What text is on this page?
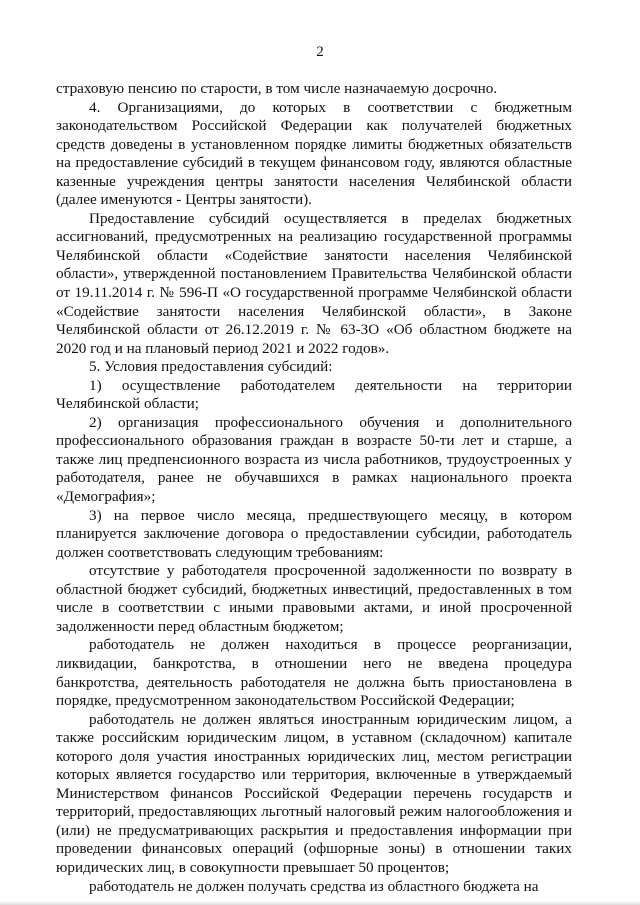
2

страховую пенсию по старости, в том числе назначаемую досрочно.

4. Организациями, до которых в соответствии с бюджетным законодательством Российской Федерации как получателей бюджетных средств доведены в установленном порядке лимиты бюджетных обязательств на предоставление субсидий в текущем финансовом году, являются областные казенные учреждения центры занятости населения Челябинской области (далее именуются - Центры занятости).

Предоставление субсидий осуществляется в пределах бюджетных ассигнований, предусмотренных на реализацию государственной программы Челябинской области «Содействие занятости населения Челябинской области», утвержденной постановлением Правительства Челябинской области от 19.11.2014 г. № 596-П «О государственной программе Челябинской области «Содействие занятости населения Челябинской области», в Законе Челябинской области от 26.12.2019 г. № 63-ЗО «Об областном бюджете на 2020 год и на плановый период 2021 и 2022 годов».

5. Условия предоставления субсидий:

1) осуществление работодателем деятельности на территории Челябинской области;

2) организация профессионального обучения и дополнительного профессионального образования граждан в возрасте 50-ти лет и старше, а также лиц предпенсионного возраста из числа работников, трудоустроенных у работодателя, ранее не обучавшихся в рамках национального проекта «Демография»;

3) на первое число месяца, предшествующего месяцу, в котором планируется заключение договора о предоставлении субсидии, работодатель должен соответствовать следующим требованиям:

отсутствие у работодателя просроченной задолженности по возврату в областной бюджет субсидий, бюджетных инвестиций, предоставленных в том числе в соответствии с иными правовыми актами, и иной просроченной задолженности перед областным бюджетом;

работодатель не должен находиться в процессе реорганизации, ликвидации, банкротства, в отношении него не введена процедура банкротства, деятельность работодателя не должна быть приостановлена в порядке, предусмотренном законодательством Российской Федерации;

работодатель не должен являться иностранным юридическим лицом, а также российским юридическим лицом, в уставном (складочном) капитале которого доля участия иностранных юридических лиц, местом регистрации которых является государство или территория, включенные в утверждаемый Министерством финансов Российской Федерации перечень государств и территорий, предоставляющих льготный налоговый режим налогообложения и (или) не предусматривающих раскрытия и предоставления информации при проведении финансовых операций (офшорные зоны) в отношении таких юридических лиц, в совокупности превышает 50 процентов;

работодатель не должен получать средства из областного бюджета на
